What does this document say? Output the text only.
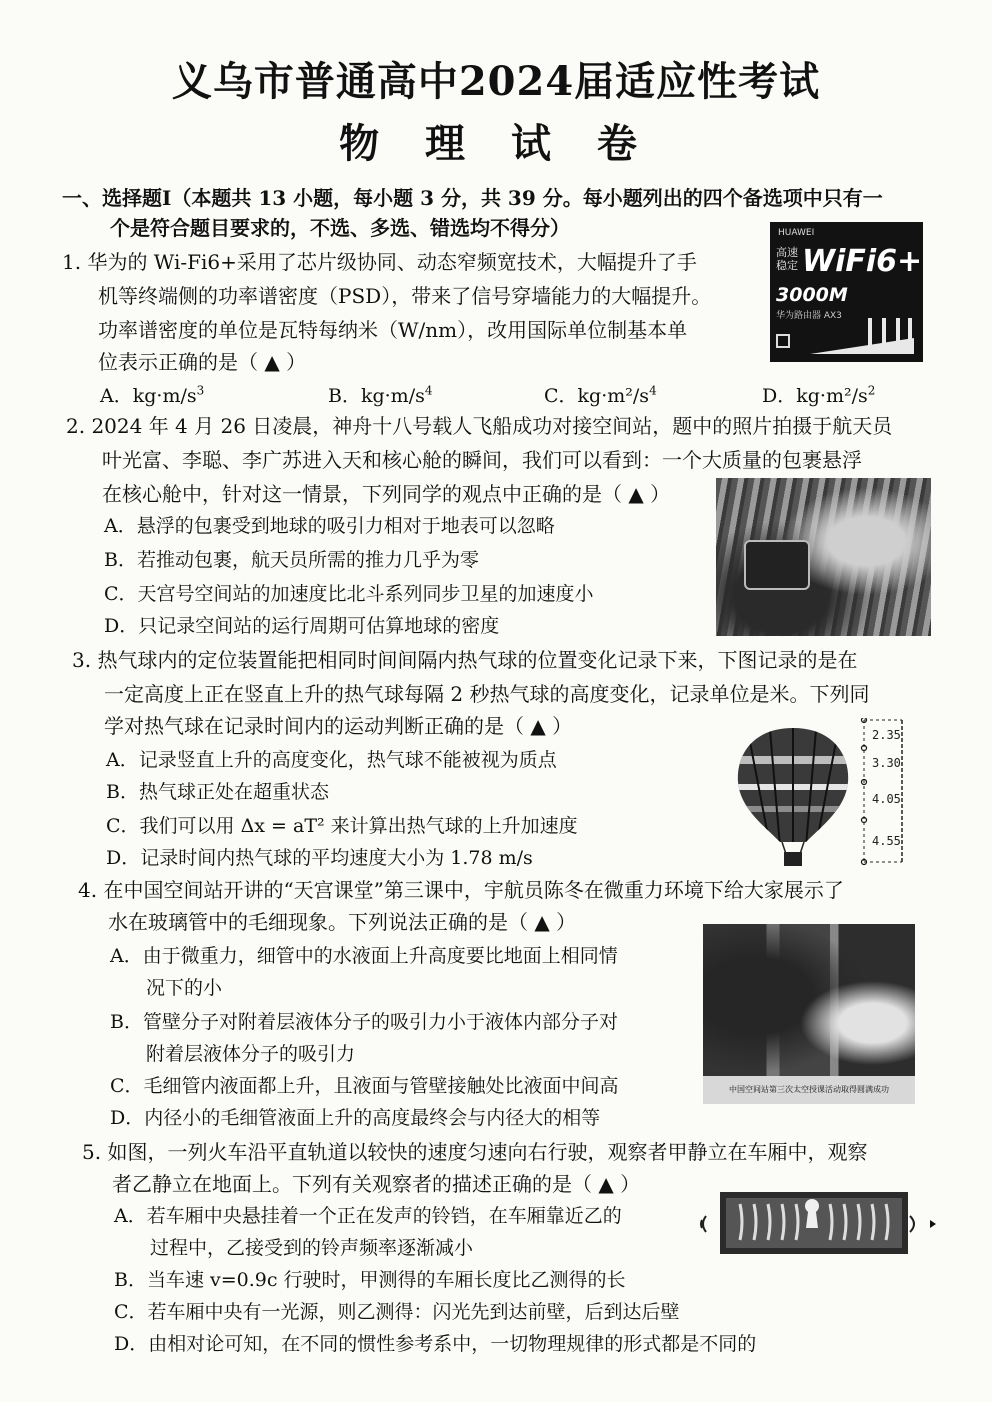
义乌市普通高中2024届适应性考试
物 理 试 卷
一、选择题Ⅰ（本题共 13 小题，每小题 3 分，共 39 分。每小题列出的四个备选项中只有一
个是符合题目要求的，不选、多选、错选均不得分）
1. 华为的 Wi-Fi6+采用了芯片级协同、动态窄频宽技术，大幅提升了手
机等终端侧的功率谱密度（PSD），带来了信号穿墙能力的大幅提升。
功率谱密度的单位是瓦特每纳米（W/nm），改用国际单位制基本单
位表示正确的是（ ▲ ）
A．$kg\cdot m/s^3$	B．$kg\cdot m/s^4$	C．$kg\cdot m^2/s^4$	D．$kg\cdot m^2/s^2$
HUAWEI
高速
稳定 WiFi6+
3000M
华为路由器 AX3
2. 2024 年 4 月 26 日凌晨，神舟十八号载人飞船成功对接空间站，题中的照片拍摄于航天员
叶光富、李聪、李广苏进入天和核心舱的瞬间，我们可以看到：一个大质量的包裹悬浮
在核心舱中，针对这一情景，下列同学的观点中正确的是（ ▲ ）
A．悬浮的包裹受到地球的吸引力相对于地表可以忽略
B．若推动包裹，航天员所需的推力几乎为零
C．天宫号空间站的加速度比北斗系列同步卫星的加速度小
D．只记录空间站的运行周期可估算地球的密度
3. 热气球内的定位装置能把相同时间间隔内热气球的位置变化记录下来，下图记录的是在
一定高度上正在竖直上升的热气球每隔 2 秒热气球的高度变化，记录单位是米。下列同
学对热气球在记录时间内的运动判断正确的是（ ▲ ）
A．记录竖直上升的高度变化，热气球不能被视为质点
B．热气球正处在超重状态
C．我们可以用 Δx = aT² 来计算出热气球的上升加速度
D．记录时间内热气球的平均速度大小为 1.78 m/s
2.35
3.30
4.05
4.55
4. 在中国空间站开讲的“天宫课堂”第三课中，宇航员陈冬在微重力环境下给大家展示了
水在玻璃管中的毛细现象。下列说法正确的是（ ▲ ）
A．由于微重力，细管中的水液面上升高度要比地面上相同情
况下的小
B．管壁分子对附着层液体分子的吸引力小于液体内部分子对
附着层液体分子的吸引力
C．毛细管内液面都上升，且液面与管壁接触处比液面中间高
D．内径小的毛细管液面上升的高度最终会与内径大的相等
中国空间站第三次太空授课活动取得圆满成功
5. 如图，一列火车沿平直轨道以较快的速度匀速向右行驶，观察者甲静立在车厢中，观察
者乙静立在地面上。下列有关观察者的描述正确的是（ ▲ ）
A．若车厢中央悬挂着一个正在发声的铃铛，在车厢靠近乙的
过程中，乙接受到的铃声频率逐渐减小
B．当车速 v=0.9c 行驶时，甲测得的车厢长度比乙测得的长
C．若车厢中央有一光源，则乙测得：闪光先到达前壁，后到达后壁
D．由相对论可知，在不同的惯性参考系中，一切物理规律的形式都是不同的
